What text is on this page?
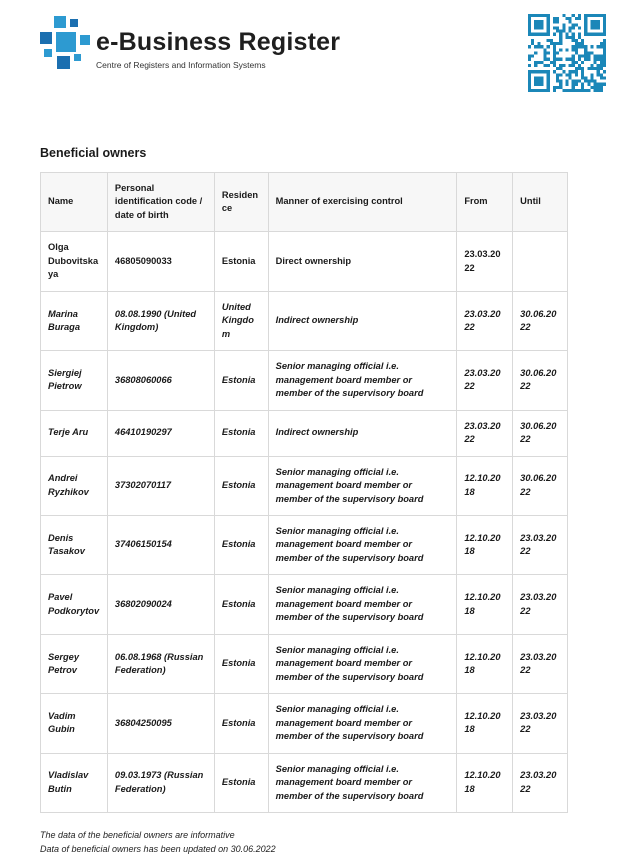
e-Business Register
Centre of Registers and Information Systems
Beneficial owners
Name	Personal identification code / date of birth	Residence	Manner of exercising control	From	Until
Olga Dubovitskaya	46805090033	Estonia	Direct ownership	23.03.2022	
Marina Buraga	08.08.1990 (United Kingdom)	United Kingdom	Indirect ownership	23.03.2022	30.06.2022
Siergiej Pietrow	36808060066	Estonia	Senior managing official i.e. management board member or member of the supervisory board	23.03.2022	30.06.2022
Terje Aru	46410190297	Estonia	Indirect ownership	23.03.2022	30.06.2022
Andrei Ryzhikov	37302070117	Estonia	Senior managing official i.e. management board member or member of the supervisory board	12.10.2018	30.06.2022
Denis Tasakov	37406150154	Estonia	Senior managing official i.e. management board member or member of the supervisory board	12.10.2018	23.03.2022
Pavel Podkorytov	36802090024	Estonia	Senior managing official i.e. management board member or member of the supervisory board	12.10.2018	23.03.2022
Sergey Petrov	06.08.1968 (Russian Federation)	Estonia	Senior managing official i.e. management board member or member of the supervisory board	12.10.2018	23.03.2022
Vadim Gubin	36804250095	Estonia	Senior managing official i.e. management board member or member of the supervisory board	12.10.2018	23.03.2022
Vladislav Butin	09.03.1973 (Russian Federation)	Estonia	Senior managing official i.e. management board member or member of the supervisory board	12.10.2018	23.03.2022

The data of the beneficial owners are informative

Data of beneficial owners has been updated on 30.06.2022
